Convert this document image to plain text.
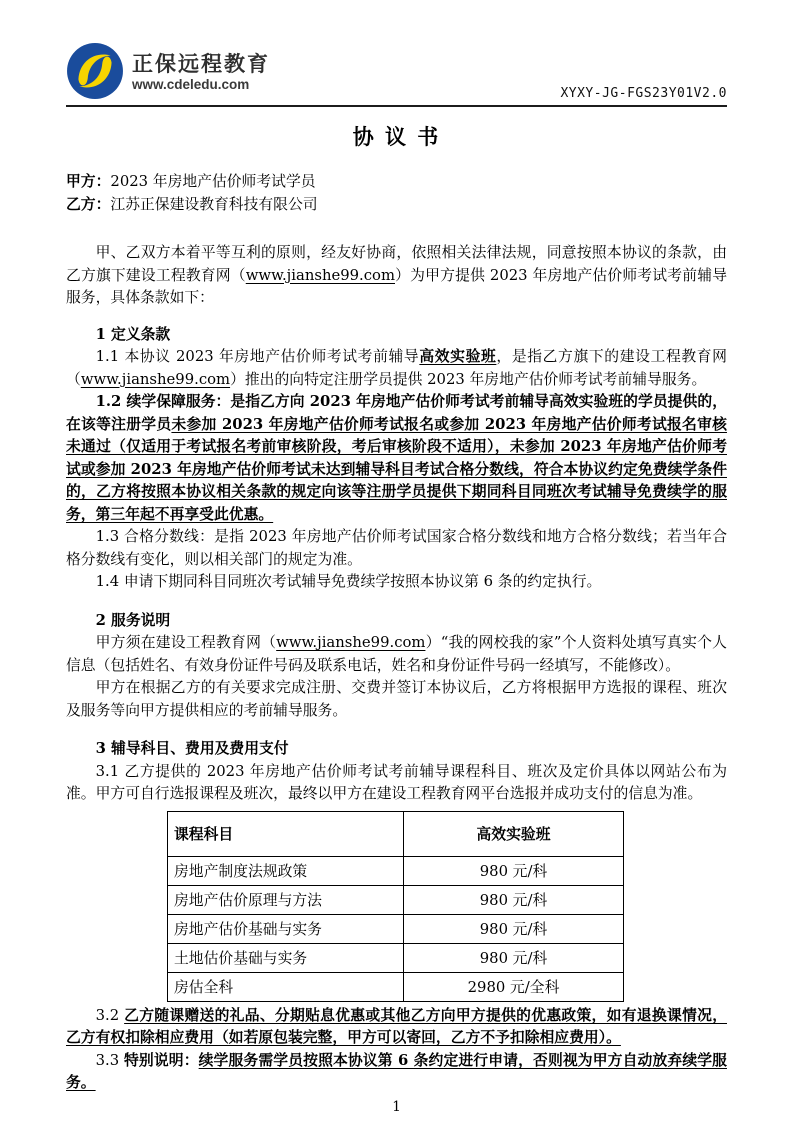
正保远程教育
www.cdeledu.com
XYXY-JG-FGS23Y01V2.0
协 议 书
甲方：2023 年房地产估价师考试学员
乙方：江苏正保建设教育科技有限公司

甲、乙双方本着平等互利的原则，经友好协商，依照相关法律法规，同意按照本协议的条款，由乙方旗下建设工程教育网（www.jianshe99.com）为甲方提供 2023 年房地产估价师考试考前辅导服务，具体条款如下：

1 定义条款

1.1 本协议 2023 年房地产估价师考试考前辅导高效实验班，是指乙方旗下的建设工程教育网（www.jianshe99.com）推出的向特定注册学员提供 2023 年房地产估价师考试考前辅导服务。

1.2 续学保障服务：是指乙方向 2023 年房地产估价师考试考前辅导高效实验班的学员提供的，在该等注册学员未参加 2023 年房地产估价师考试报名或参加 2023 年房地产估价师考试报名审核未通过（仅适用于考试报名考前审核阶段，考后审核阶段不适用），未参加 2023 年房地产估价师考试或参加 2023 年房地产估价师考试未达到辅导科目考试合格分数线，符合本协议约定免费续学条件的，乙方将按照本协议相关条款的规定向该等注册学员提供下期同科目同班次考试辅导免费续学的服务，第三年起不再享受此优惠。

1.3 合格分数线：是指 2023 年房地产估价师考试国家合格分数线和地方合格分数线；若当年合格分数线有变化，则以相关部门的规定为准。

1.4 申请下期同科目同班次考试辅导免费续学按照本协议第 6 条的约定执行。

2 服务说明

甲方须在建设工程教育网（www.jianshe99.com）“我的网校我的家”个人资料处填写真实个人信息（包括姓名、有效身份证件号码及联系电话，姓名和身份证件号码一经填写，不能修改）。

甲方在根据乙方的有关要求完成注册、交费并签订本协议后，乙方将根据甲方选报的课程、班次及服务等向甲方提供相应的考前辅导服务。

3 辅导科目、费用及费用支付

3.1 乙方提供的 2023 年房地产估价师考试考前辅导课程科目、班次及定价具体以网站公布为准。甲方可自行选报课程及班次，最终以甲方在建设工程教育网平台选报并成功支付的信息为准。

课程科目	高效实验班
房地产制度法规政策	980 元/科
房地产估价原理与方法	980 元/科
房地产估价基础与实务	980 元/科
土地估价基础与实务	980 元/科
房估全科	2980 元/全科

3.2 乙方随课赠送的礼品、分期贴息优惠或其他乙方向甲方提供的优惠政策，如有退换课情况，乙方有权扣除相应费用（如若原包装完整，甲方可以寄回，乙方不予扣除相应费用）。

3.3 特别说明：续学服务需学员按照本协议第 6 条约定进行申请，否则视为甲方自动放弃续学服务。

1
